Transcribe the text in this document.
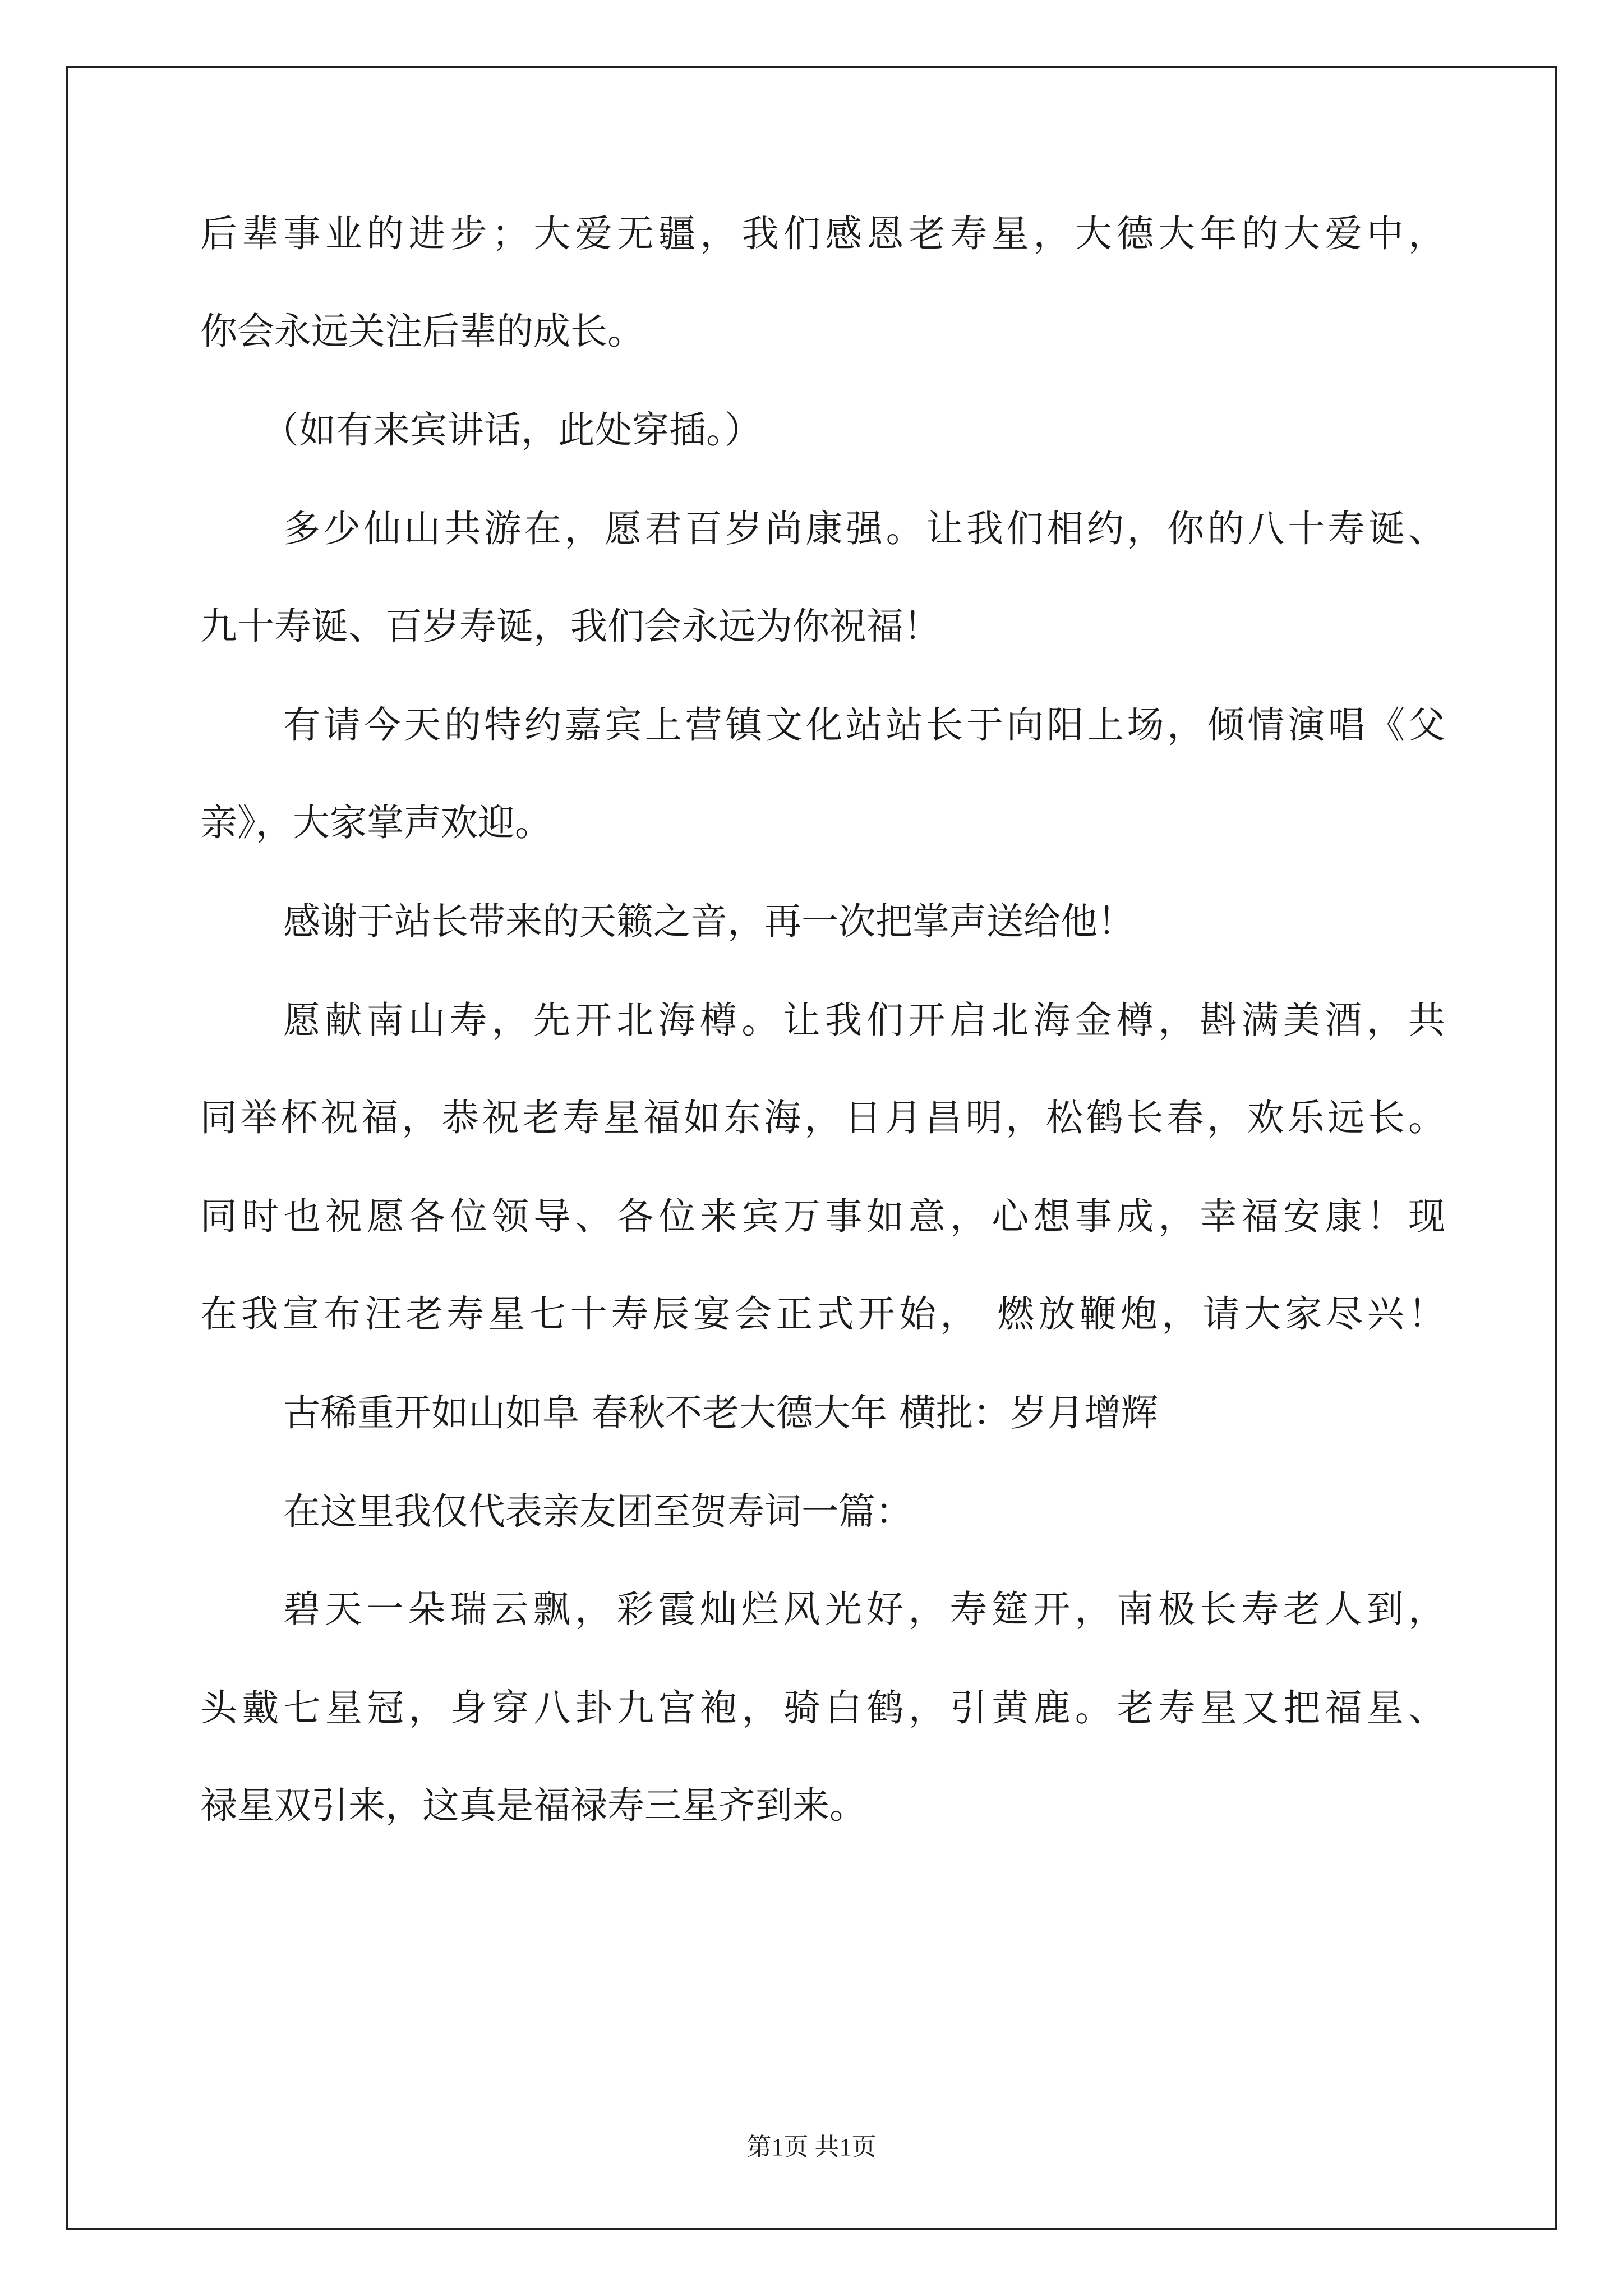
后辈事业的进步；大爱无疆，我们感恩老寿星，大德大年的大爱中，
你会永远关注后辈的成长。
（如有来宾讲话，此处穿插。）
多少仙山共游在，愿君百岁尚康强。让我们相约，你的八十寿诞、
九十寿诞、百岁寿诞，我们会永远为你祝福！
有请今天的特约嘉宾上营镇文化站站长于向阳上场，倾情演唱《父
亲》，大家掌声欢迎。
感谢于站长带来的天籁之音，再一次把掌声送给他！
愿献南山寿，先开北海樽。让我们开启北海金樽，斟满美酒，共
同举杯祝福，恭祝老寿星福如东海，日月昌明，松鹤长春，欢乐远长。
同时也祝愿各位领导、各位来宾万事如意，心想事成，幸福安康！现
在我宣布汪老寿星七十寿辰宴会正式开始， 燃放鞭炮，请大家尽兴！
古稀重开如山如阜 春秋不老大德大年 横批：岁月增辉
在这里我仅代表亲友团至贺寿词一篇：
碧天一朵瑞云飘，彩霞灿烂风光好，寿筵开，南极长寿老人到，
头戴七星冠，身穿八卦九宫袍，骑白鹤，引黄鹿。老寿星又把福星、
禄星双引来，这真是福禄寿三星齐到来。
第1页 共1页
